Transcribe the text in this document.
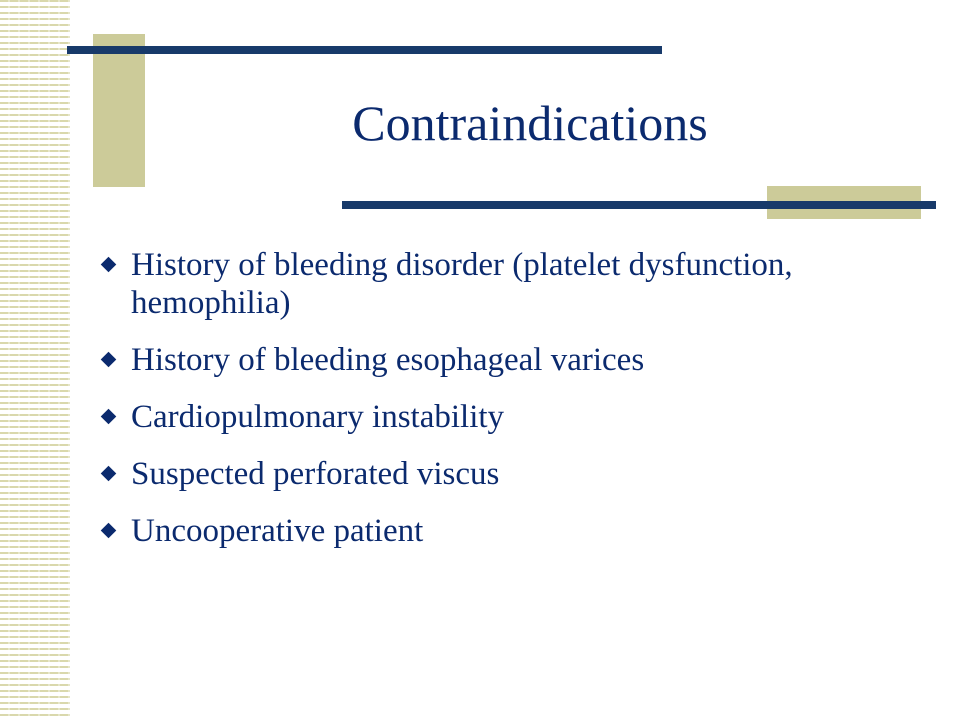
Contraindications
History of bleeding disorder (platelet dysfunction, hemophilia)
History of bleeding esophageal varices
Cardiopulmonary instability
Suspected perforated viscus
Uncooperative patient
